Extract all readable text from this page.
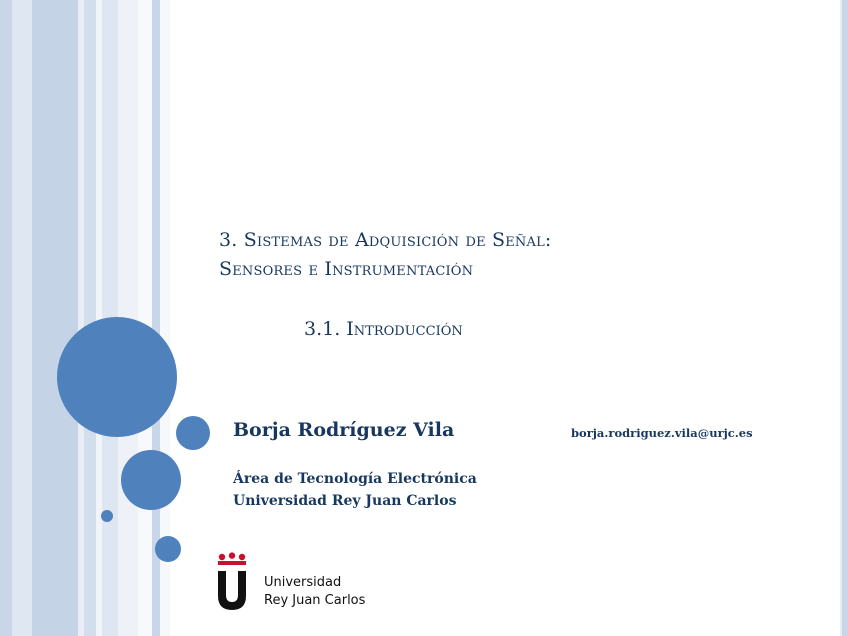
3. Sistemas de Adquisición de Señal:
Sensores e Instrumentación
3.1. Introducción
Borja Rodríguez Vila	borja.rodriguez.vila@urjc.es
Área de Tecnología Electrónica
Universidad Rey Juan Carlos
Universidad
Rey Juan Carlos
